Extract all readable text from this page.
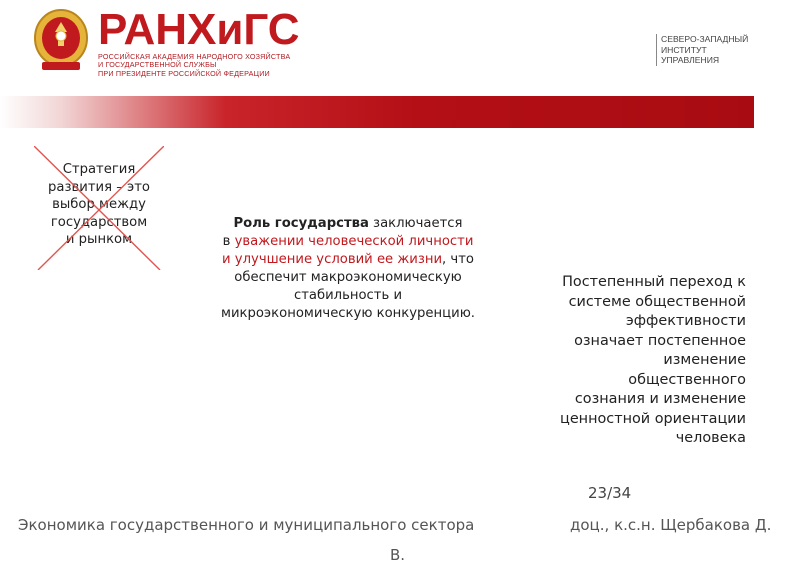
РАНХиГС
РОССИЙСКАЯ АКАДЕМИЯ НАРОДНОГО ХОЗЯЙСТВА
И ГОСУДАРСТВЕННОЙ СЛУЖБЫ
ПРИ ПРЕЗИДЕНТЕ РОССИЙСКОЙ ФЕДЕРАЦИИ
СЕВЕРО-ЗАПАДНЫЙ
ИНСТИТУТ
УПРАВЛЕНИЯ
Стратегия
развития – это
выбор между
государством
и рынком
Роль государства заключается
в уважении человеческой личности и улучшение условий ее жизни, что обеспечит макроэкономическую стабильность и микроэкономическую конкуренцию.
Постепенный переход к
системе общественной
эффективности
означает постепенное
изменение
общественного
сознания и изменение
ценностной ориентации
человека
23/34
Экономика государственного и муниципального сектора	доц., к.с.н. Щербакова Д.
В.
